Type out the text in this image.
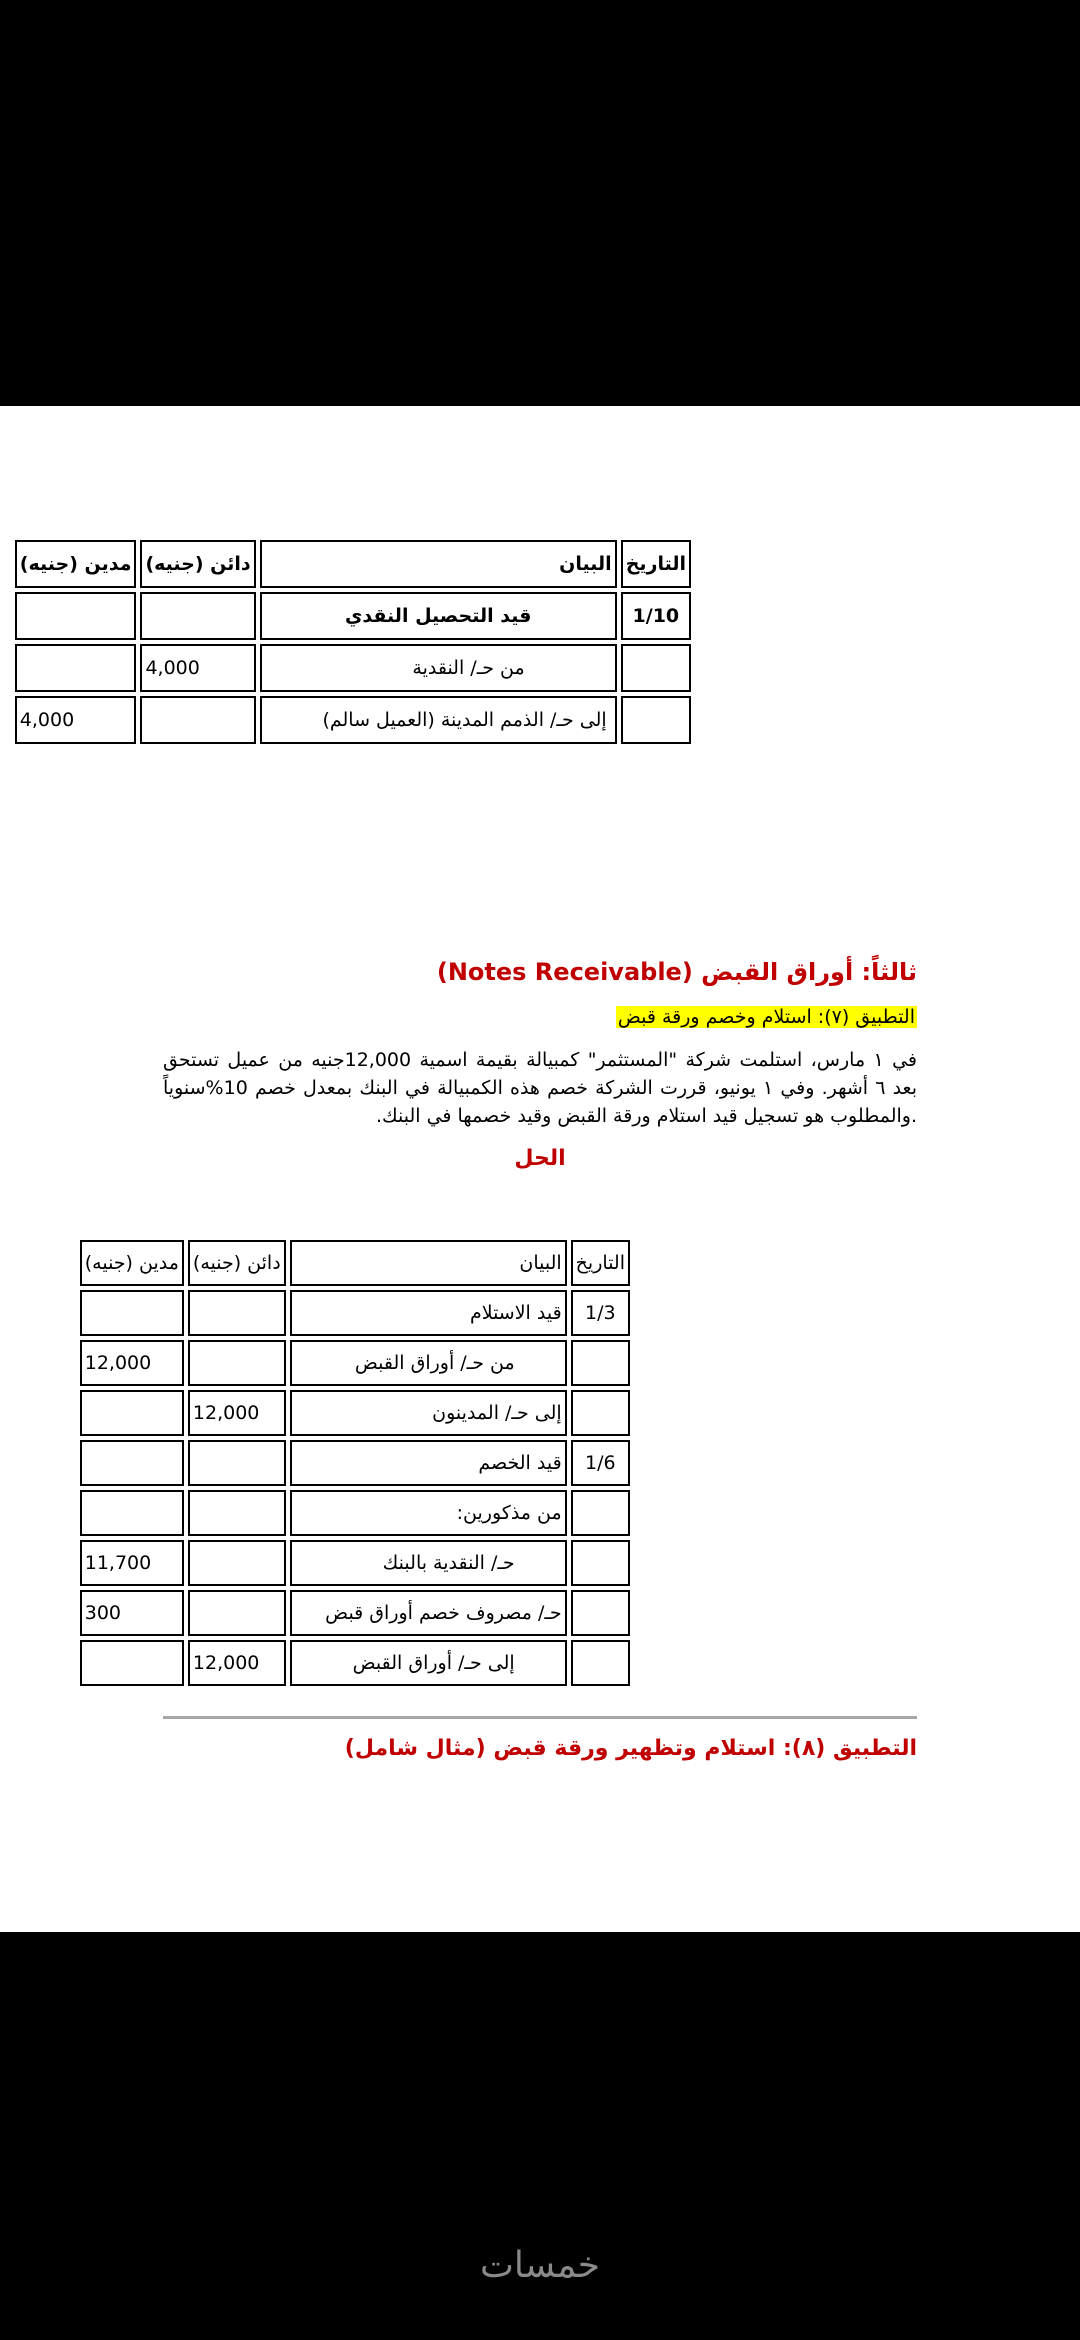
التاريخ	البيان	دائن (جنيه)	مدين (جنيه)
1/10	قيد التحصيل النقدي		
	من حـ/ النقدية	4,000	
	إلى حـ/ الذمم المدينة (العميل سالم)		4,000
ثالثاً: أوراق القبض (Notes Receivable)
التطبيق (٧): استلام وخصم ورقة قبض
في ١ مارس، استلمت شركة "المستثمر" كمبيالة بقيمة اسمية 12,000جنيه من عميل تستحق بعد ٦ أشهر. وفي ١ يونيو، قررت الشركة خصم هذه الكمبيالة في البنك بمعدل خصم 10%سنوياً .والمطلوب هو تسجيل قيد استلام ورقة القبض وقيد خصمها في البنك.
الحل
التاريخ	البيان	دائن (جنيه)	مدين (جنيه)
1/3	قيد الاستلام		
	من حـ/ أوراق القبض		12,000
	إلى حـ/ المدينون	12,000	
1/6	قيد الخصم		
	من مذكورين:		
	حـ/ النقدية بالبنك		11,700
	حـ/ مصروف خصم أوراق قبض		300
	إلى حـ/ أوراق القبض	12,000	
التطبيق (٨): استلام وتظهير ورقة قبض (مثال شامل)
خمسات
